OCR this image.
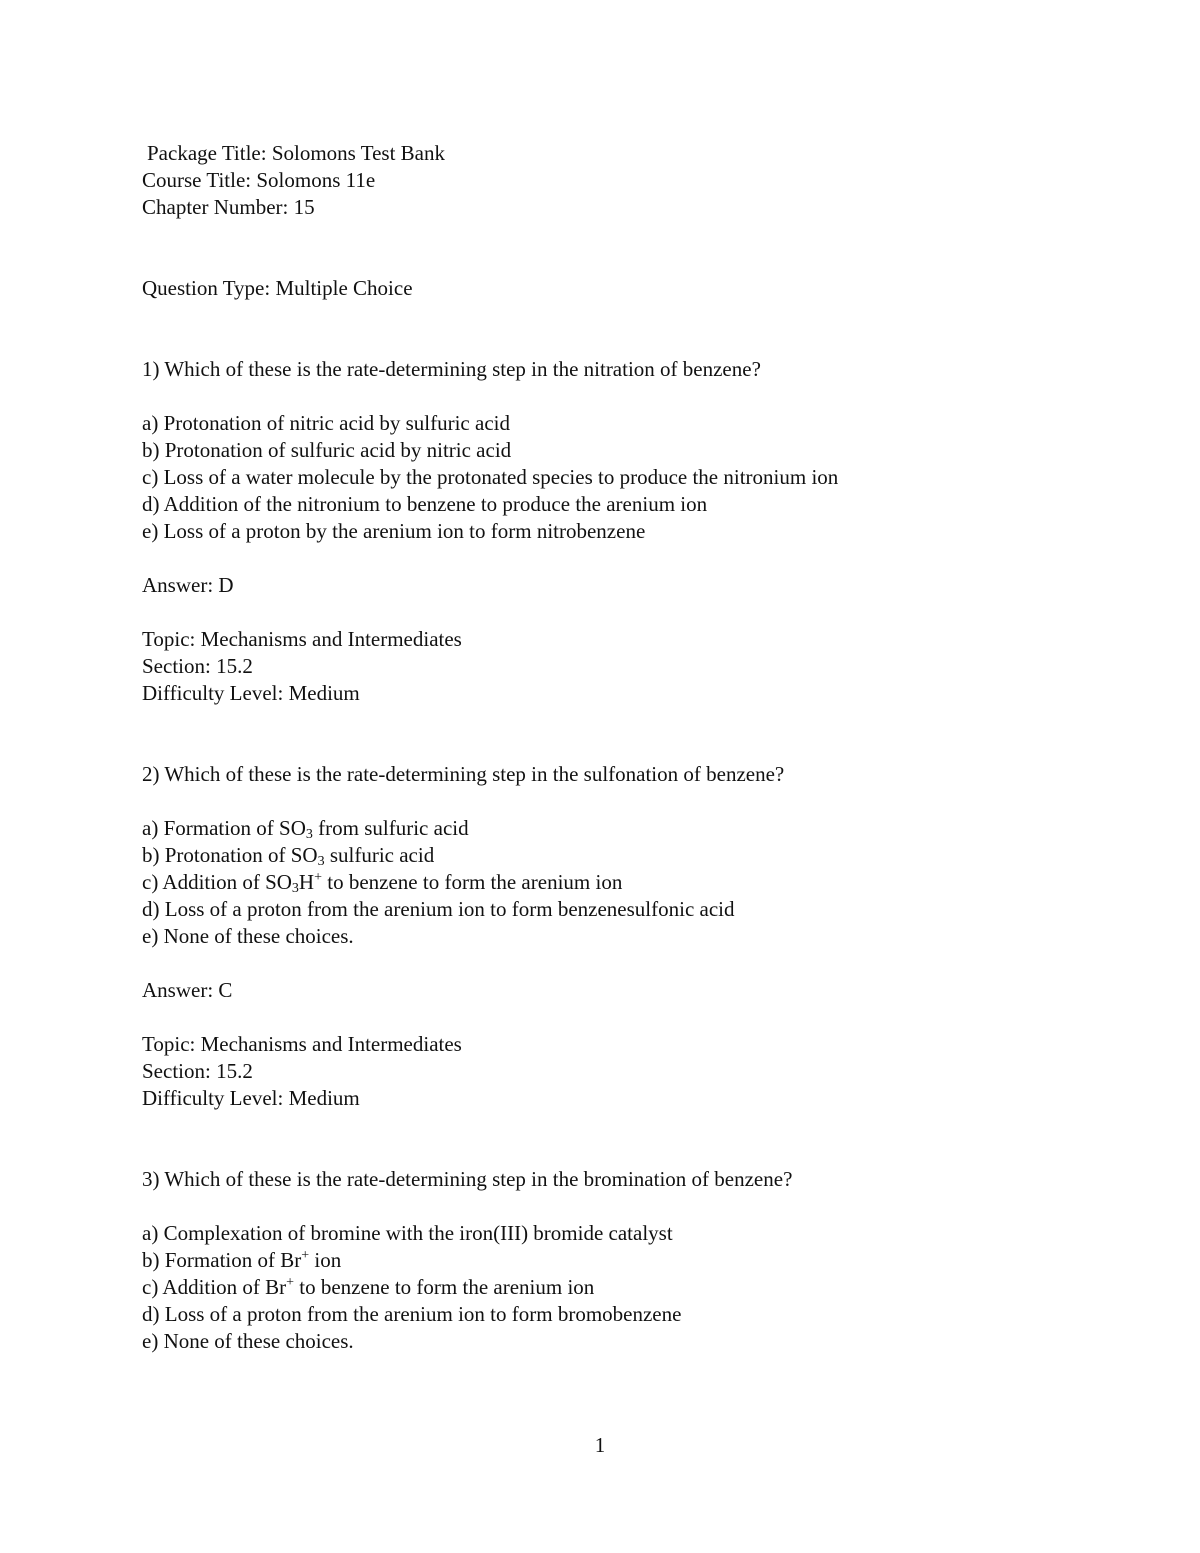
Package Title: Solomons Test Bank
Course Title: Solomons 11e
Chapter Number: 15
Question Type: Multiple Choice
1) Which of these is the rate-determining step in the nitration of benzene?
a) Protonation of nitric acid by sulfuric acid
b) Protonation of sulfuric acid by nitric acid
c) Loss of a water molecule by the protonated species to produce the nitronium ion
d) Addition of the nitronium to benzene to produce the arenium ion
e) Loss of a proton by the arenium ion to form nitrobenzene
Answer: D
Topic: Mechanisms and Intermediates
Section: 15.2
Difficulty Level: Medium
2) Which of these is the rate-determining step in the sulfonation of benzene?
a) Formation of $SO_3$ from sulfuric acid
b) Protonation of $SO_3$ sulfuric acid
c) Addition of $SO_3H^+$ to benzene to form the arenium ion
d) Loss of a proton from the arenium ion to form benzenesulfonic acid
e) None of these choices.
Answer: C
Topic: Mechanisms and Intermediates
Section: 15.2
Difficulty Level: Medium
3) Which of these is the rate-determining step in the bromination of benzene?
a) Complexation of bromine with the iron(III) bromide catalyst
b) Formation of Br+ ion
c) Addition of Br+ to benzene to form the arenium ion
d) Loss of a proton from the arenium ion to form bromobenzene
e) None of these choices.
1
